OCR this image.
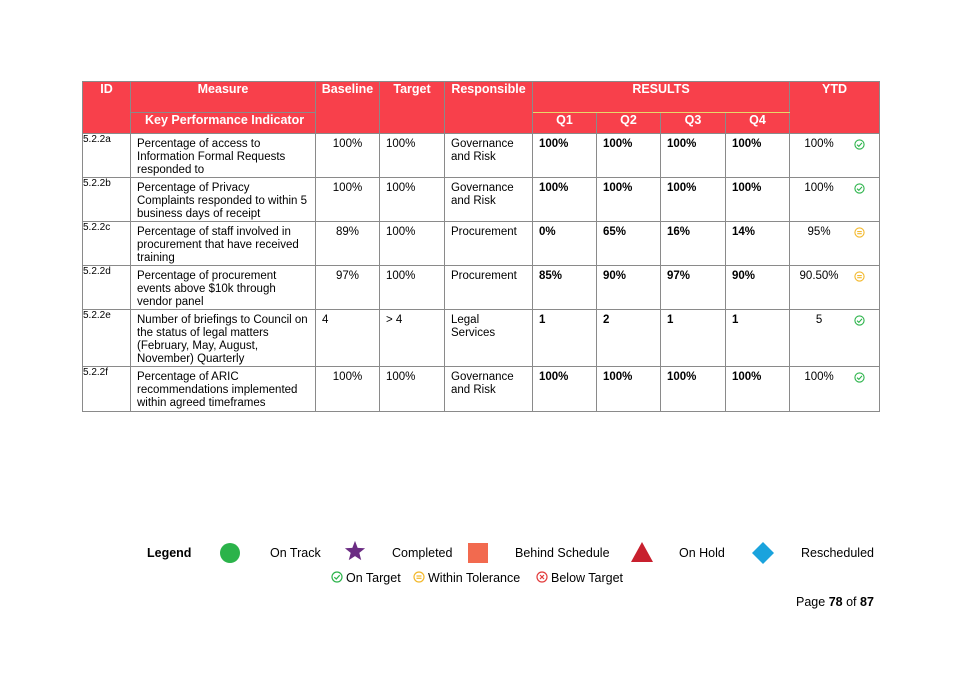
ID	Measure	Baseline	Target	Responsible	RESULTS				YTD
					Q1	Q2	Q3	Q4	
	Key Performance Indicator								
5.2.2a	Percentage of access to Information Formal Requests responded to	100%	100%	Governance and Risk	100%	100%	100%	100%	100%

5.2.2b	Percentage of Privacy Complaints responded to within 5 business days of receipt	100%	100%	Governance and Risk	100%	100%	100%	100%	100%

5.2.2c	Percentage of staff involved in procurement that have received training	89%	100%	Procurement	0%	65%	16%	14%	95%

5.2.2d	Percentage of procurement events above $10k through vendor panel	97%	100%	Procurement	85%	90%	97%	90%	90.50%

5.2.2e	Number of briefings to Council on the status of legal matters (February, May, August, November) Quarterly	4	> 4	Legal Services	1	2	1	1	5

5.2.2f	Percentage of ARIC recommendations implemented within agreed timeframes	100%	100%	Governance and Risk	100%	100%	100%	100%	100%
Legend	On Track	Completed	Behind Schedule	On Hold	Rescheduled
On Target Within Tolerance Below Target
Page 78 of 87
